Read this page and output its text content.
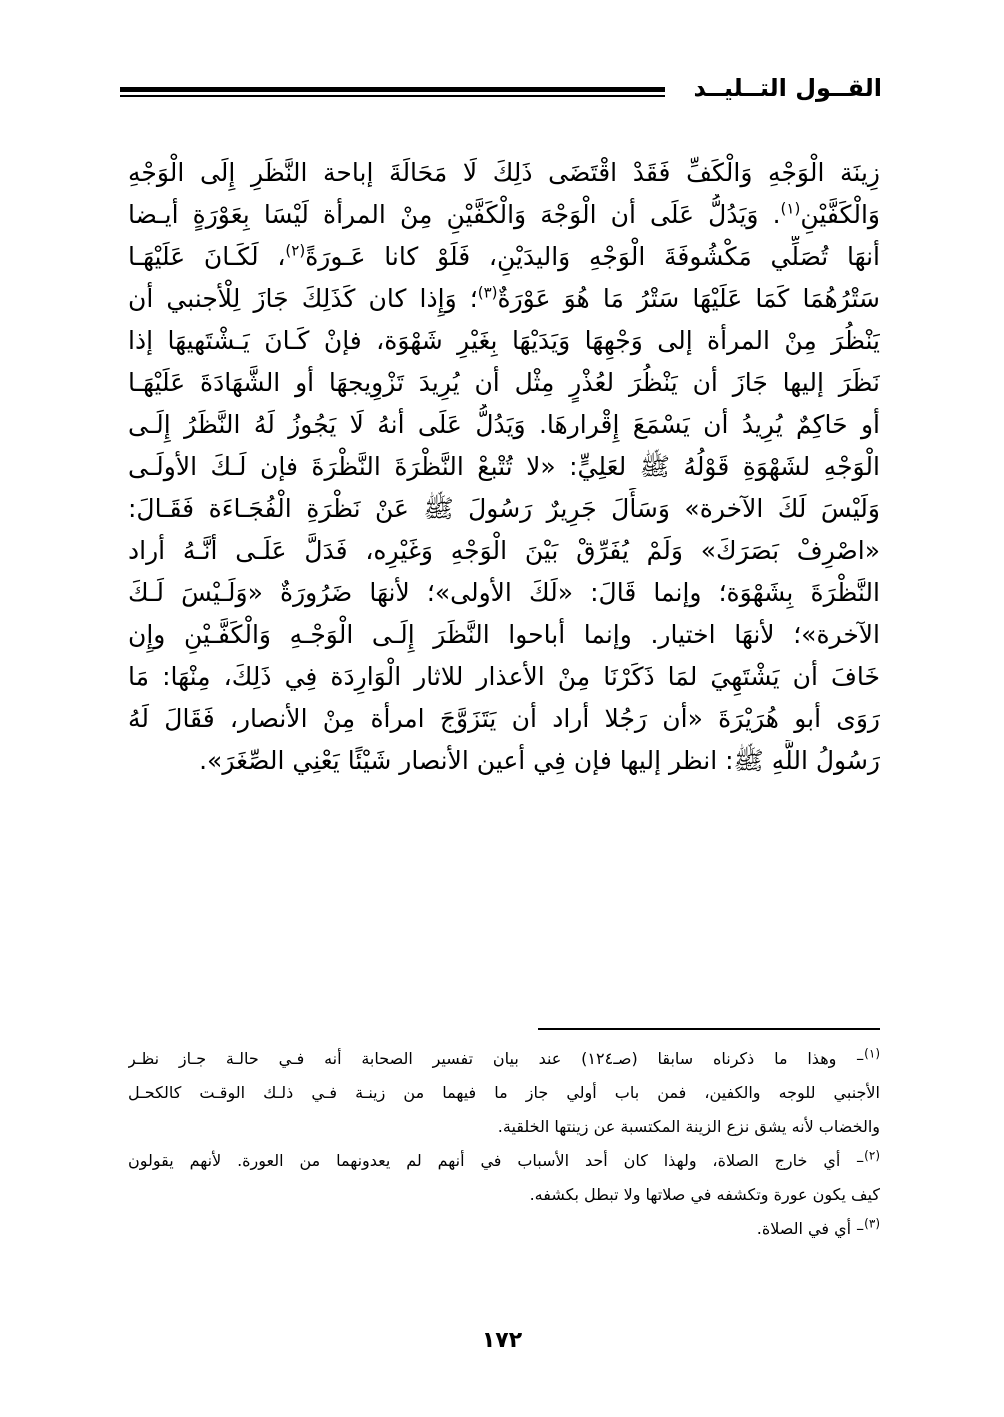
القــول التــليــد
زِينَة الْوَجْهِ وَالْكَفِّ فَقَدْ اقْتَضَى ذَلِكَ لَا مَحَالَةَ إباحة النَّظَرِ إِلَى الْوَجْهِ
وَالْكَفَّيْنِ$^{(١)}$. وَيَدُلُّ عَلَى أن الْوَجْهَ وَالْكَفَّيْنِ مِنْ المرأة لَيْسَا بِعَوْرَةٍ أيـضا
أنهَا تُصَلِّي مَكْشُوفَةَ الْوَجْهِ وَاليدَيْنِ، فَلَوْ كانا عَـورَةً$^{(٢)}$، لَكَـانَ عَلَيْهَـا
سَتْرُهُمَا كَمَا عَلَيْهَا سَتْرُ مَا هُوَ عَوْرَةٌ$^{(٣)}$؛ وَإِذا كان كَذَلِكَ جَازَ لِلْأجنبي أن
يَنْظُرَ مِنْ المرأة إلى وَجْهِهَا وَيَدَيْهَا بِغَيْرِ شَهْوَة، فإنْ كَـانَ يَـشْتَهيهَا إذا
نَظَرَ إليها جَازَ أن يَنْظُرَ لعُذْرٍ مِثْل أن يُرِيدَ تَزْوِيجهَا أو الشَّهَادَةَ عَلَيْهَـا
أو حَاكِمٌ يُرِيدُ أن يَسْمَعَ إِقْرارهَا. وَيَدُلُّ عَلَى أنهُ لَا يَجُوزُ لَهُ النَّظَرُ إِلَـى
الْوَجْهِ لشَهْوَةِ قَوْلُهُ ﷺ لعَلِيٍّ: «لا تُتْبعْ النَّظْرَةَ النَّظْرَةَ فإن لَـكَ الأولَـى
وَلَيْسَ لَكَ الآخرة» وَسَأَلَ جَرِيرٌ رَسُولَ ﷺ عَنْ نَظْرَةِ الْفُجَـاءَة فَقَـالَ:
«اصْرِفْ بَصَرَكَ» وَلَمْ يُفَرِّقْ بَيْنَ الْوَجْهِ وَغَيْرِه، فَدَلَّ عَلَـى أنَّـهُ أراد
النَّظْرَةَ بِشَهْوَة؛ وإنما قَالَ: «لَكَ الأولى»؛ لأنهَا ضَرُورَةٌ «وَلَـيْسَ لَـكَ
الآخرة»؛ لأنهَا اختيار. وإنما أباحوا النَّظَرَ إِلَـى الْوَجْـهِ وَالْكَفَّـيْنِ وإِن
خَافَ أن يَشْتَهِيَ لمَا ذَكَرْنَا مِنْ الأعذار للاثار الْوَارِدَة فِي ذَلِكَ، مِنْهَا: مَا
رَوَى أبو هُرَيْرَةَ «أن رَجُلا أراد أن يَتَزَوَّجَ امرأة مِنْ الأنصار، فَقَالَ لَهُ
رَسُولُ اللَّهِ ﷺ: انظر إليها فإن فِي أعين الأنصار شَيْئًا يَعْنِي الصِّغَرَ».
$^{(١)}$– وهذا ما ذكرناه سابقا (صـ١٢٤) عند بيان تفسير الصحابة أنه فـي حالـة جـاز نظـر
الأجنبي للوجه والكفين، فمن باب أولي جاز ما فيهما من زينـة فـي ذلـك الوقـت كالكحـل
والخضاب لأنه يشق نزع الزينة المكتسبة عن زينتها الخلقية.
$^{(٢)}$– أي خارج الصلاة، ولهذا كان أحد الأسباب في أنهم لم يعدونهما من العورة. لأنهم يقولون
كيف يكون عورة وتكشفه في صلاتها ولا تبطل بكشفه.
$^{(٣)}$– أي في الصلاة.
١٧٢
